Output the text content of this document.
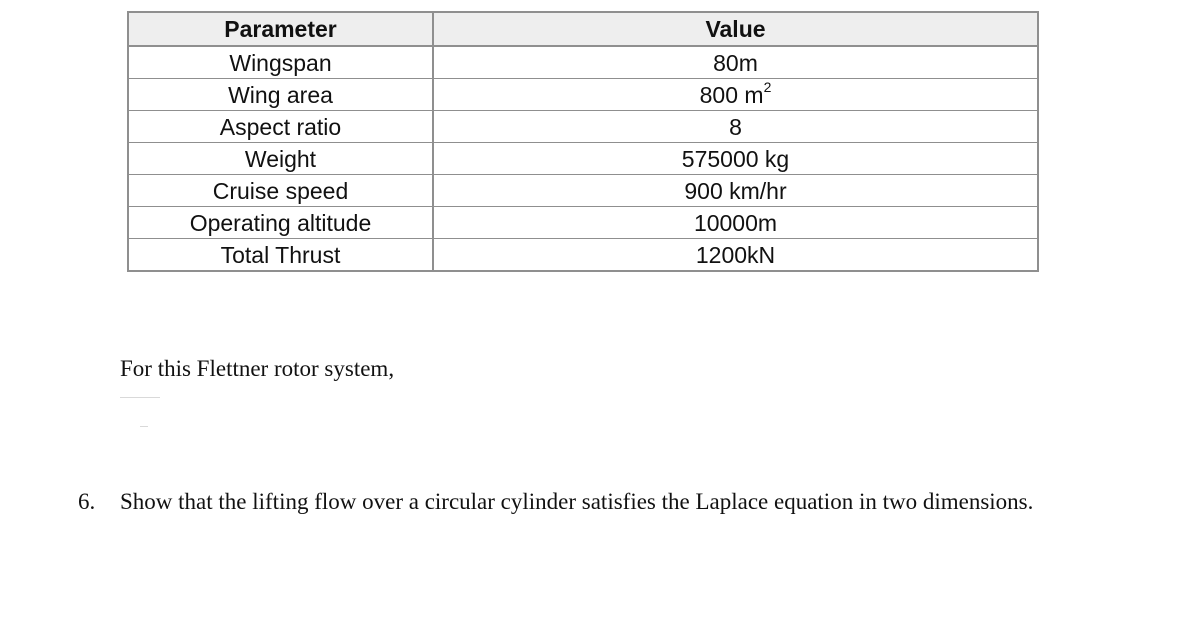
Parameter	Value
Wingspan	80m
Wing area	800 $m^2$
Aspect ratio	8
Weight	575000 kg
Cruise speed	900 km/hr
Operating altitude	10000m
Total Thrust	1200kN
For this Flettner rotor system,
6. Show that the lifting flow over a circular cylinder satisfies the Laplace equation in two dimensions.
